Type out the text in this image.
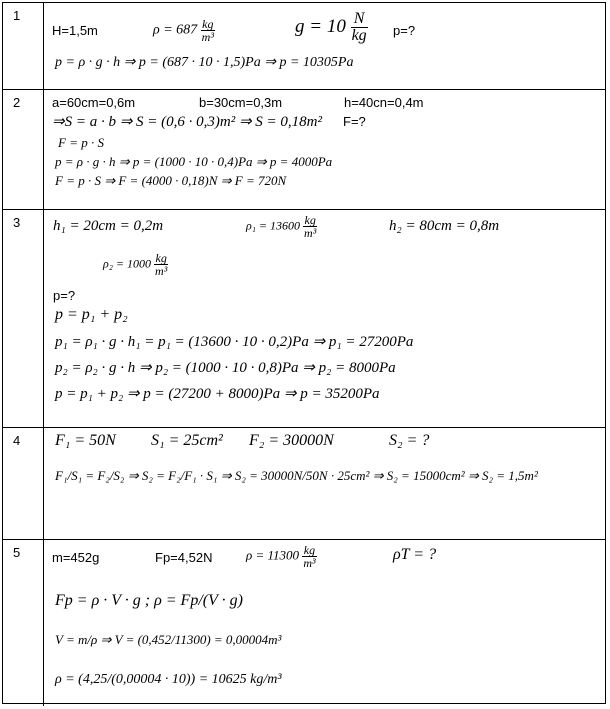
1
H=1,5m	$\rho = 687 \frac{kg}{\text{m³}}$	$g = 10 \frac{N}{kg} p=$?
p = ρ · g · h ⇒ p = (687 · 10 · 1,5)Pa ⇒ p = 10305Pa
2 a=60cm=0,6m	b=30cm=0,3m	h=40cn=0,4m
⇒S = a · b ⇒ S = (0,6 · 0,3)m² ⇒ S = 0,18m² F=?
F = p · S
p = ρ · g · h ⇒ p = (1000 · 10 · 0,4)Pa ⇒ p = 4000Pa
F = p · S ⇒ F = (4000 · 0,18)N ⇒ F = 720N
3 h₁ = 20cm = 0,2m	$\rho_1 = 13600 \frac{kg}{\text{m³}}$	h₂ = 80cm = 0,8m
$\rho_2 = 1000 \frac{kg}{\text{m³}}$
p=?
p = p₁ + p₂
p₁ = ρ₁ · g · h₁ = p₁ = (13600 · 10 · 0,2)Pa ⇒ p₁ = 27200Pa
p₂ = ρ₂ · g · h ⇒ p₂ = (1000 · 10 · 0,8)Pa ⇒ p₂ = 8000Pa
p = p₁ + p₂ ⇒ p = (27200 + 8000)Pa ⇒ p = 35200Pa
4 F₁ = 50N S₁ = 25cm² F₂ = 30000N	S₂ = ?
F₁/S₁ = F₂/S₂ ⇒ S₂ = F₂/F₁ · S₁ ⇒ S₂ = 30000N/50N · 25cm² ⇒ S₂ = 15000cm² ⇒ S₂ = 1,5m²
5 m=452g	Fp=4,52N	$\rho = 11300 \frac{kg}{\text{m³}}$	ρT = ?
Fp = ρ · V · g ; ρ = Fp/(V · g)
V = m/ρ ⇒ V = (0,452/11300) = 0,00004m³
ρ = (4,25/(0,00004 · 10)) = 10625 kg/m³
